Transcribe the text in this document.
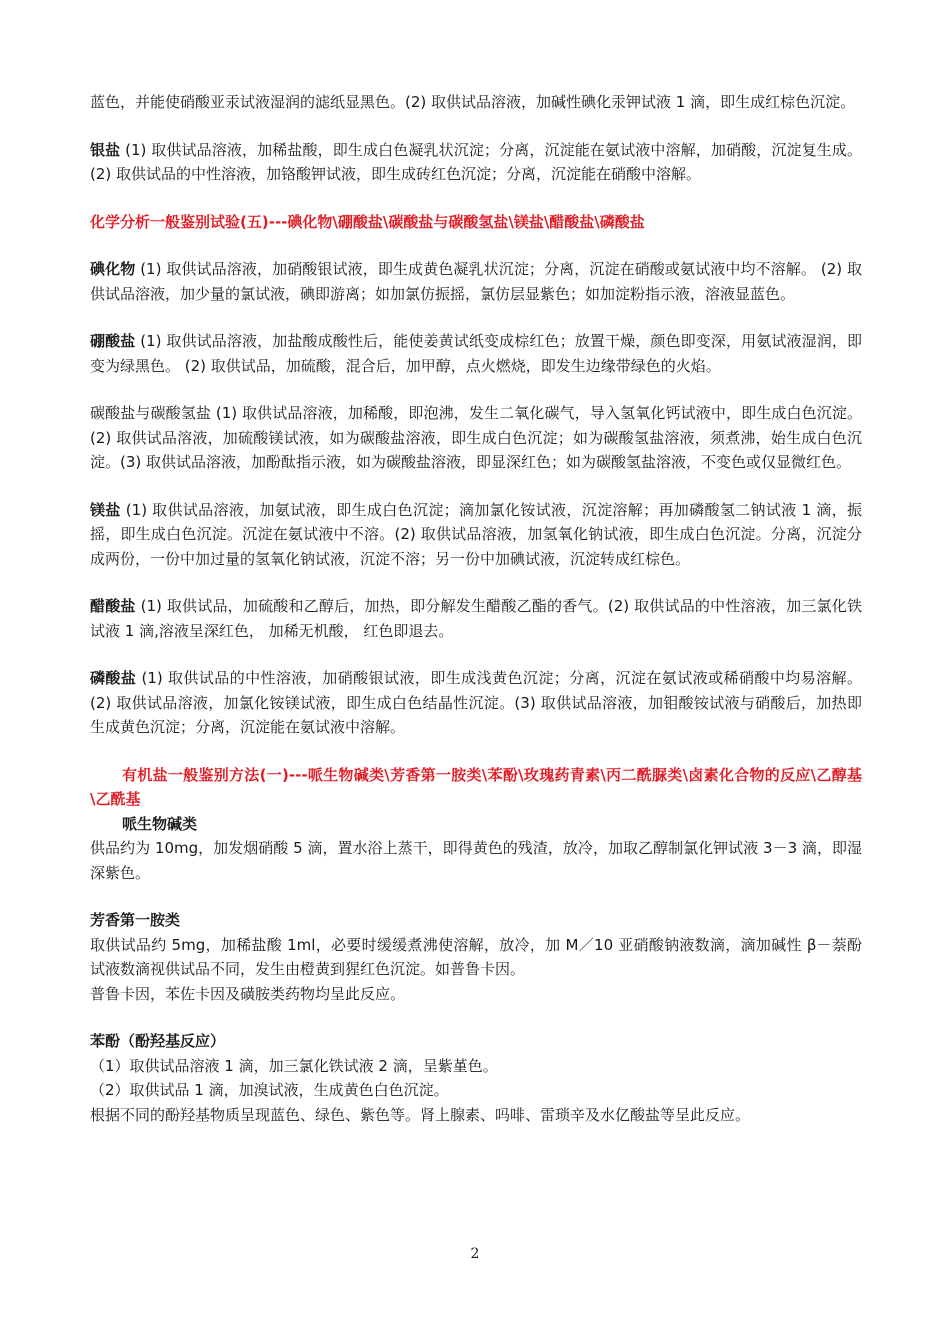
蓝色，并能使硝酸亚汞试液湿润的滤纸显黑色。(2) 取供试品溶液，加碱性碘化汞钾试液 1 滴，即生成红棕色沉淀。

银盐 (1) 取供试品溶液，加稀盐酸，即生成白色凝乳状沉淀；分离，沉淀能在氨试液中溶解，加硝酸，沉淀复生成。 (2) 取供试品的中性溶液，加铬酸钾试液，即生成砖红色沉淀；分离，沉淀能在硝酸中溶解。

化学分析一般鉴别试验(五)---碘化物\硼酸盐\碳酸盐与碳酸氢盐\镁盐\醋酸盐\磷酸盐

碘化物 (1) 取供试品溶液，加硝酸银试液，即生成黄色凝乳状沉淀；分离，沉淀在硝酸或氨试液中均不溶解。 (2) 取供试品溶液，加少量的氯试液，碘即游离；如加氯仿振摇，氯仿层显紫色；如加淀粉指示液，溶液显蓝色。

硼酸盐 (1) 取供试品溶液，加盐酸成酸性后，能使姜黄试纸变成棕红色；放置干燥，颜色即变深，用氨试液湿润，即变为绿黑色。 (2) 取供试品，加硫酸，混合后，加甲醇，点火燃烧，即发生边缘带绿色的火焰。

碳酸盐与碳酸氢盐 (1) 取供试品溶液，加稀酸，即泡沸，发生二氧化碳气，导入氢氧化钙试液中，即生成白色沉淀。(2) 取供试品溶液，加硫酸镁试液，如为碳酸盐溶液，即生成白色沉淀；如为碳酸氢盐溶液，须煮沸，始生成白色沉淀。(3) 取供试品溶液，加酚酞指示液，如为碳酸盐溶液，即显深红色；如为碳酸氢盐溶液，不变色或仅显微红色。

镁盐 (1) 取供试品溶液，加氨试液，即生成白色沉淀；滴加氯化铵试液，沉淀溶解；再加磷酸氢二钠试液 1 滴，振摇，即生成白色沉淀。沉淀在氨试液中不溶。(2) 取供试品溶液，加氢氧化钠试液，即生成白色沉淀。分离，沉淀分成两份，一份中加过量的氢氧化钠试液，沉淀不溶；另一份中加碘试液，沉淀转成红棕色。

醋酸盐 (1) 取供试品，加硫酸和乙醇后，加热，即分解发生醋酸乙酯的香气。(2) 取供试品的中性溶液，加三氯化铁试液 1 滴,溶液呈深红色， 加稀无机酸， 红色即退去。

磷酸盐 (1) 取供试品的中性溶液，加硝酸银试液，即生成浅黄色沉淀；分离，沉淀在氨试液或稀硝酸中均易溶解。(2) 取供试品溶液，加氯化铵镁试液，即生成白色结晶性沉淀。(3) 取供试品溶液，加钼酸铵试液与硝酸后，加热即生成黄色沉淀；分离，沉淀能在氨试液中溶解。

有机盐一般鉴别方法(一)---哌生物碱类\芳香第一胺类\苯酚\玫瑰药青素\丙二酰脲类\卤素化合物的反应\乙醇基\乙酰基

哌生物碱类

供品约为 10mg，加发烟硝酸 5 滴，置水浴上蒸干，即得黄色的残渣，放冷，加取乙醇制氯化钾试液 3－3 滴，即湿深紫色。

芳香第一胺类

取供试品约 5mg，加稀盐酸 1ml，必要时缓缓煮沸使溶解，放冷，加 M／10 亚硝酸钠液数滴，滴加碱性 β－萘酚试液数滴视供试品不同，发生由橙黄到猩红色沉淀。如普鲁卡因。

普鲁卡因，苯佐卡因及磺胺类药物均呈此反应。

苯酚（酚羟基反应）

（1）取供试品溶液 1 滴，加三氯化铁试液 2 滴，呈紫堇色。

（2）取供试品 1 滴，加溴试液，生成黄色白色沉淀。

根据不同的酚羟基物质呈现蓝色、绿色、紫色等。肾上腺素、吗啡、雷琐辛及水亿酸盐等呈此反应。

2
